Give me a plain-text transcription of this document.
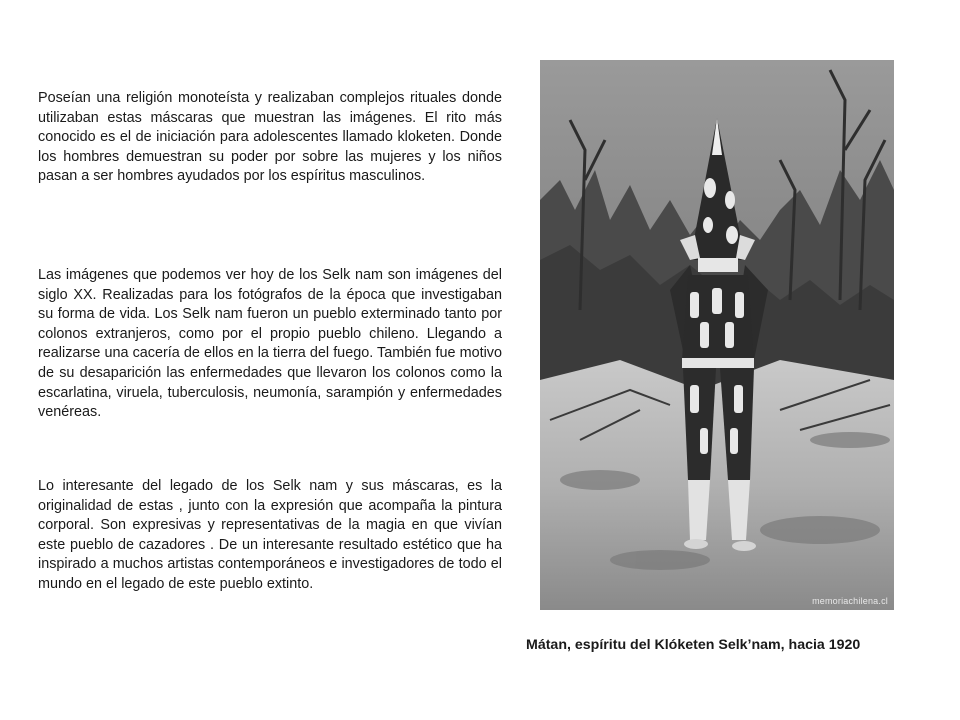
Poseían una religión monoteísta y realizaban complejos rituales donde utilizaban estas máscaras que muestran las imágenes. El rito más conocido es el de iniciación para adolescentes llamado kloketen. Donde los hombres demuestran su poder por sobre las mujeres y los niños pasan a ser hombres ayudados por los espíritus masculinos.

Las imágenes que podemos ver hoy de los Selk nam son imágenes del siglo XX. Realizadas para los fotógrafos de la época que investigaban su forma de vida. Los Selk nam fueron un pueblo exterminado tanto por colonos extranjeros, como por el propio pueblo chileno. Llegando a realizarse una cacería de ellos en la tierra del fuego. También fue motivo de su desaparición las enfermedades que llevaron los colonos como la escarlatina, viruela, tuberculosis, neumonía, sarampión y enfermedades venéreas.

Lo interesante del legado de los Selk nam y sus máscaras, es la originalidad de estas , junto con la expresión que acompaña la pintura corporal. Son expresivas y representativas de la magia en que vivían este pueblo de cazadores . De un interesante resultado estético que ha inspirado a muchos artistas contemporáneos e investigadores de todo el mundo en el legado de este pueblo extinto.

memoriachilena.cl
Mátan, espíritu del Klóketen Selk’nam, hacia 1920
